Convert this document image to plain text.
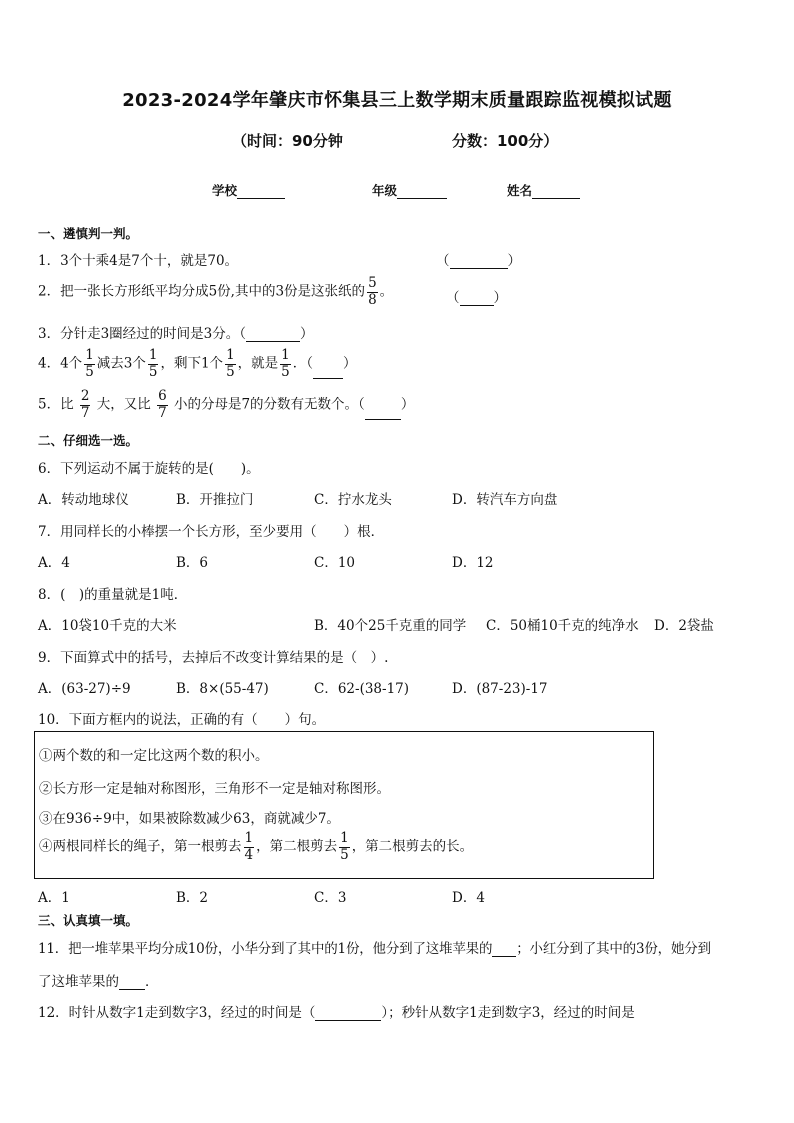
2023-2024学年肇庆市怀集县三上数学期末质量跟踪监视模拟试题
（时间：90分钟	分数：100分）
学校	年级	姓名
一、遴慎判一判。
1．3个十乘4是7个十，就是70。	（	）
2．把一张长方形纸平均分成5份,其中的3份是这张纸的 $\frac{5}{8}$ 。	（	）
3．分针走3圈经过的时间是3分。（	）
4．4个 $\frac{1}{5}$ 减去3个 $\frac{1}{5}$ ，剩下1个 $\frac{1}{5}$ ，就是 $\frac{1}{5}$ ．（ ）
5．比 $\frac{2}{7}$ 大，又比 $\frac{6}{7}$ 小的分母是7的分数有无数个。（	）
二、仔细选一选。
6．下列运动不属于旋转的是(　　)。
A．转动地球仪	B．开推拉门	C．拧水龙头	D．转汽车方向盘
7．用同样长的小棒摆一个长方形，至少要用（　　）根．
A．4	B．6	C．10	D．12
8．(　)的重量就是1吨．
A．10袋10千克的大米	B．40个25千克重的同学 C．50桶10千克的纯净水 D．2袋盐
9．下面算式中的括号，去掉后不改变计算结果的是（　）.
A．(63-27)÷9	B．8×(55-47)	C．62-(38-17)	D．(87-23)-17
10．下面方框内的说法，正确的有（　　）句。
①两个数的和一定比这两个数的积小。
②长方形一定是轴对称图形，三角形不一定是轴对称图形。
③在936÷9中，如果被除数减少63，商就减少7。
④两根同样长的绳子，第一根剪去 $\frac{1}{4}$ ，第二根剪去 $\frac{1}{5}$ ，第二根剪去的长。
A．1	B．2	C．3	D．4
三、认真填一填。
11．把一堆苹果平均分成10份，小华分到了其中的1份，他分到了这堆苹果的 ；小红分到了其中的3份，她分到
了这堆苹果的 ．
12．时针从数字1走到数字3，经过的时间是（	）；秒针从数字1走到数字3，经过的时间是
